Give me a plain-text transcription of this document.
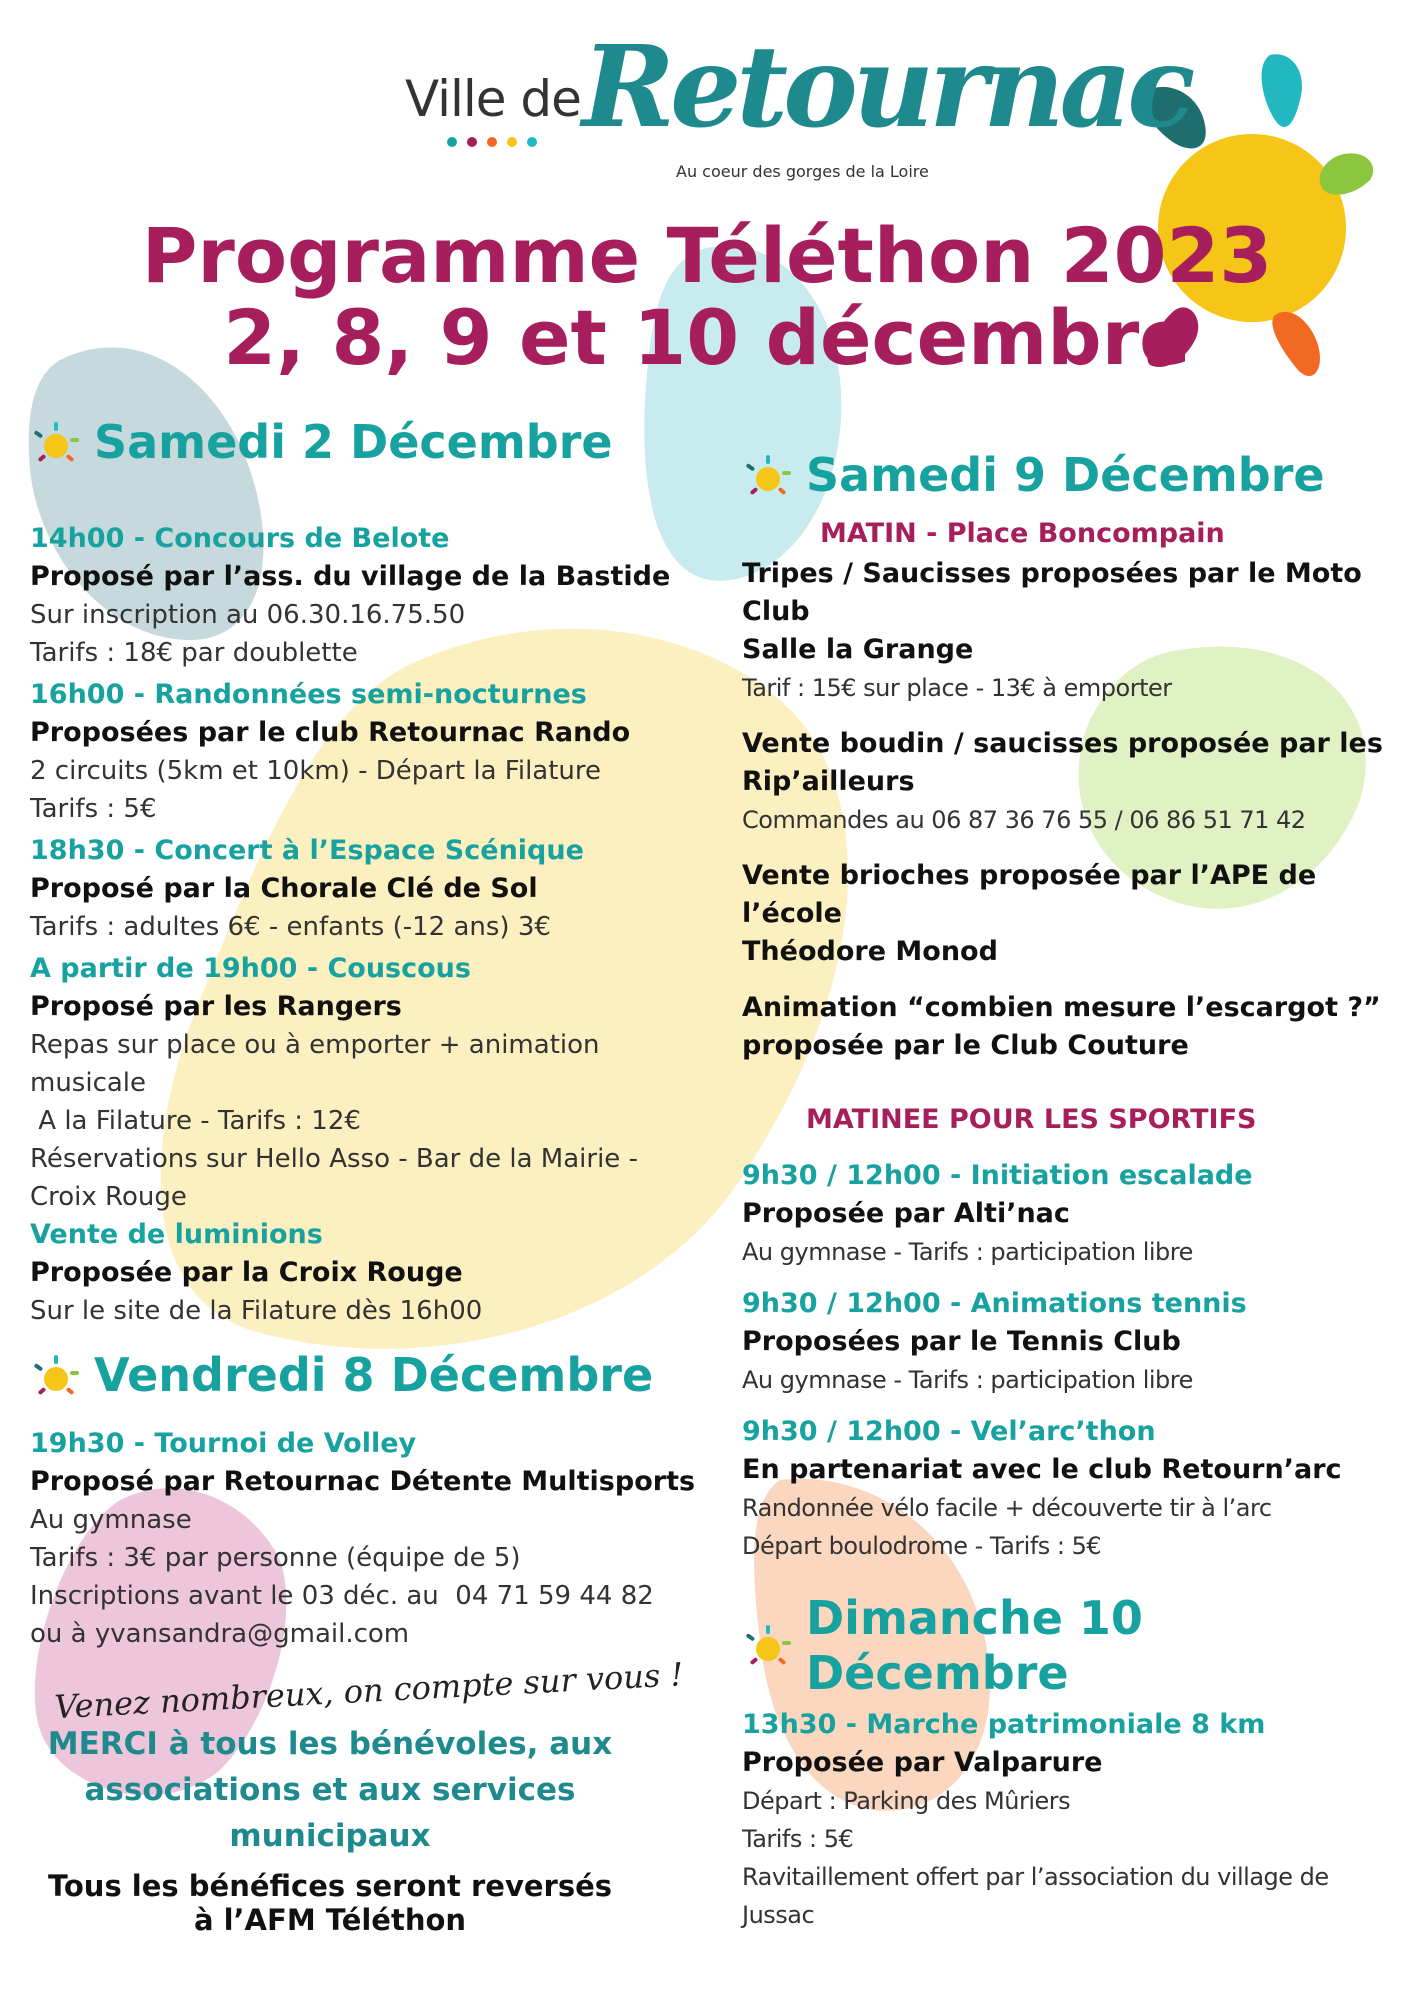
Ville de Retournac
Au coeur des gorges de la Loire
Programme Téléthon 2023
2, 8, 9 et 10 décembre
Samedi 2 Décembre
14h00 - Concours de Belote
Proposé par l’ass. du village de la Bastide
Sur inscription au 06.30.16.75.50
Tarifs : 18€ par doublette
16h00 - Randonnées semi-nocturnes
Proposées par le club Retournac Rando
2 circuits (5km et 10km) - Départ la Filature
Tarifs : 5€
18h30 - Concert à l’Espace Scénique
Proposé par la Chorale Clé de Sol
Tarifs : adultes 6€ - enfants (-12 ans) 3€
A partir de 19h00 - Couscous
Proposé par les Rangers
Repas sur place ou à emporter + animation musicale
A la Filature - Tarifs : 12€
Réservations sur Hello Asso - Bar de la Mairie - Croix Rouge
Vente de luminions
Proposée par la Croix Rouge
Sur le site de la Filature dès 16h00
Vendredi 8 Décembre
19h30 - Tournoi de Volley
Proposé par Retournac Détente Multisports
Au gymnase
Tarifs : 3€ par personne (équipe de 5)
Inscriptions avant le 03 déc. au  04 71 59 44 82
ou à yvansandra@gmail.com
Venez nombreux, on compte sur vous !
MERCI à tous les bénévoles, aux
associations et aux services
municipaux
Tous les bénéfices seront reversés
à l’AFM Téléthon
Samedi 9 Décembre
MATIN - Place Boncompain
Tripes / Saucisses proposées par le Moto Club
Salle la Grange
Tarif : 15€ sur place - 13€ à emporter
Vente boudin / saucisses proposée par les
Rip’ailleurs
Commandes au 06 87 36 76 55 / 06 86 51 71 42
Vente brioches proposée par l’APE de l’école
Théodore Monod
Animation “combien mesure l’escargot ?”
proposée par le Club Couture
MATINEE POUR LES SPORTIFS
9h30 / 12h00 - Initiation escalade
Proposée par Alti’nac
Au gymnase - Tarifs : participation libre
9h30 / 12h00 - Animations tennis
Proposées par le Tennis Club
Au gymnase - Tarifs : participation libre
9h30 / 12h00 - Vel’arc’thon
En partenariat avec le club Retourn’arc
Randonnée vélo facile + découverte tir à l’arc
Départ boulodrome - Tarifs : 5€
Dimanche 10 Décembre
13h30 - Marche patrimoniale 8 km
Proposée par Valparure
Départ : Parking des Mûriers
Tarifs : 5€
Ravitaillement offert par l’association du village de Jussac
